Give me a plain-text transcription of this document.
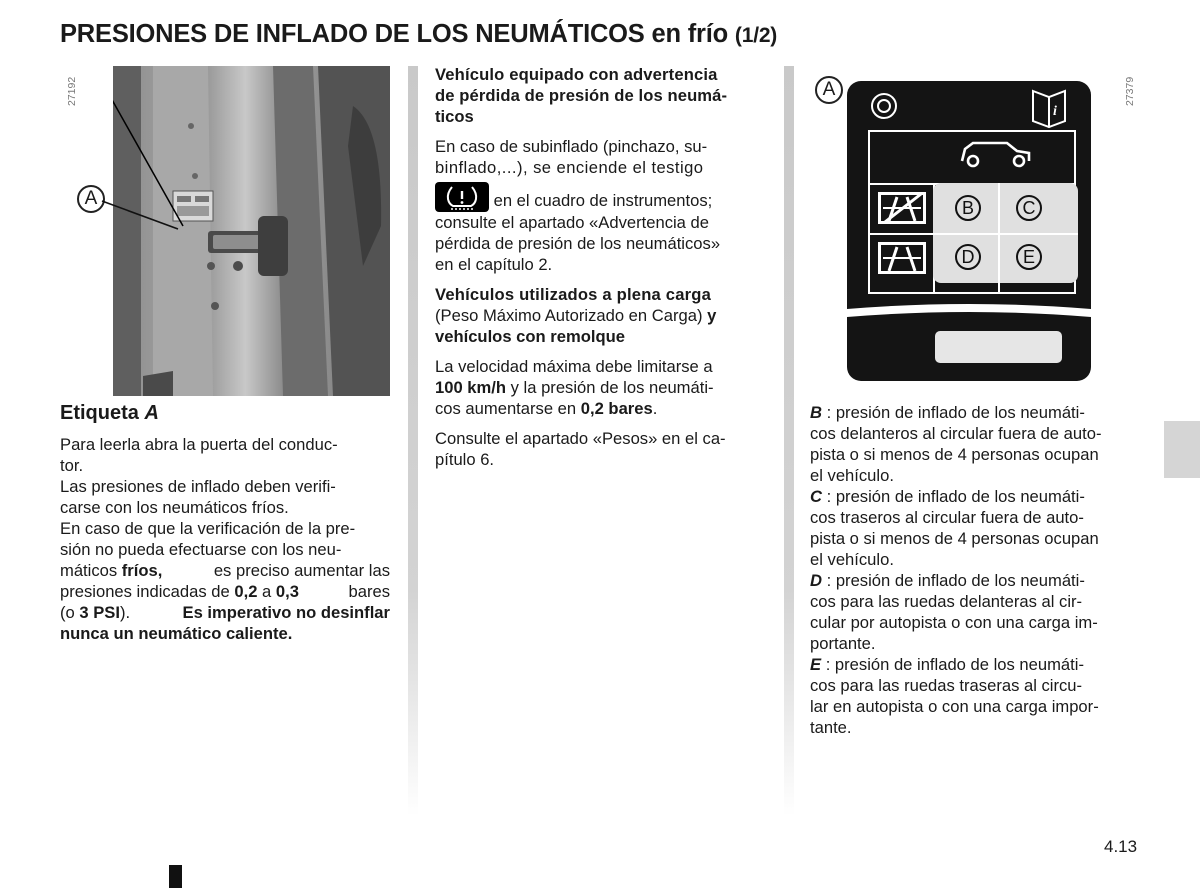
PRESIONES DE INFLADO DE LOS NEUMÁTICOS en frío (1/2)
27192	27379
A
Etiqueta A

Para leerla abra la puerta del conduc-

tor.

Las presiones de inflado deben verifi-

carse con los neumáticos fríos.

En caso de que la verificación de la pre-

sión no pueda efectuarse con los neu-

máticos fríos,	es preciso aumentar las

presiones indicadas de 0,2 a 0,3	bares

(o 3 PSI).	Es imperativo no desinflar

nunca un neumático caliente.

Vehículo equipado con advertencia

de pérdida de presión de los neumá-

ticos

En caso de subinflado (pinchazo, su-

binflado,...), se enciende el testigo

en el cuadro de instrumentos;

consulte el apartado «Advertencia de

pérdida de presión de los neumáticos»

en el capítulo 2.

Vehículos utilizados a plena carga

(Peso Máximo Autorizado en Carga) y

vehículos con remolque

La velocidad máxima debe limitarse a

100 km/h y la presión de los neumáti-

cos aumentarse en 0,2 bares.

Consulte el apartado «Pesos» en el ca-

pítulo 6.

A
i
B	C
D	E

B : presión de inflado de los neumáti-

cos delanteros al circular fuera de auto-

pista o si menos de 4 personas ocupan

el vehículo.

C : presión de inflado de los neumáti-

cos traseros al circular fuera de auto-

pista o si menos de 4 personas ocupan

el vehículo.

D : presión de inflado de los neumáti-

cos para las ruedas delanteras al cir-

cular por autopista o con una carga im-

portante.

E : presión de inflado de los neumáti-

cos para las ruedas traseras al circu-

lar en autopista o con una carga impor-

tante.

4.13
